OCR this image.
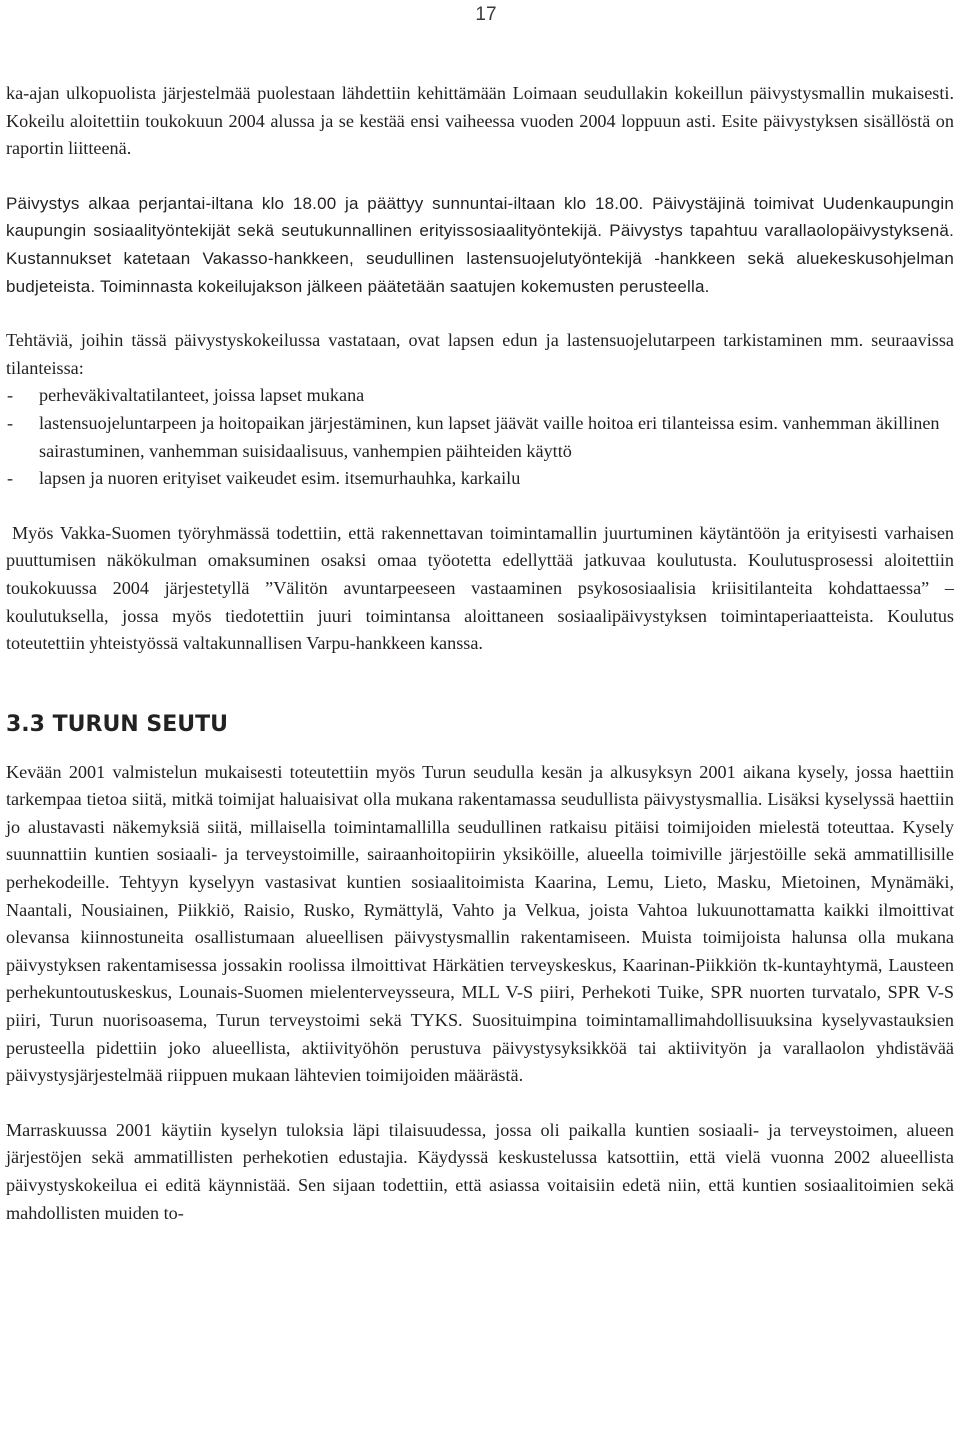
17

ka-ajan ulkopuolista järjestelmää puolestaan lähdettiin kehittämään Loimaan seudullakin kokeillun päivystysmallin mukaisesti. Kokeilu aloitettiin toukokuun 2004 alussa ja se kestää ensi vaiheessa vuoden 2004 loppuun asti. Esite päivystyksen sisällöstä on raportin liitteenä.

Päivystys alkaa perjantai-iltana klo 18.00 ja päättyy sunnuntai-iltaan klo 18.00. Päivystäjinä toimivat Uudenkaupungin kaupungin sosiaalityöntekijät sekä seutukunnallinen erityissosiaalityöntekijä. Päivystys tapahtuu varallaolopäivystyksenä. Kustannukset katetaan Vakasso-hankkeen, seudullinen lastensuojelutyöntekijä -hankkeen sekä aluekeskusohjelman budjeteista. Toiminnasta kokeilujakson jälkeen päätetään saatujen kokemusten perusteella.

Tehtäviä, joihin tässä päivystyskokeilussa vastataan, ovat lapsen edun ja lastensuojelutarpeen tarkistaminen mm. seuraavissa tilanteissa:

- perheväkivaltatilanteet, joissa lapset mukana
- lastensuojeluntarpeen ja hoitopaikan järjestäminen, kun lapset jäävät vaille hoitoa eri tilanteissa esim. vanhemman äkillinen sairastuminen, vanhemman suisidaalisuus, vanhempien päihteiden käyttö
- lapsen ja nuoren erityiset vaikeudet esim. itsemurhauhka, karkailu

Myös Vakka-Suomen työryhmässä todettiin, että rakennettavan toimintamallin juurtuminen käytäntöön ja erityisesti varhaisen puuttumisen näkökulman omaksuminen osaksi omaa työotetta edellyttää jatkuvaa koulutusta. Koulutusprosessi aloitettiin toukokuussa 2004 järjestetyllä ”Välitön avuntarpeeseen vastaaminen psykososiaalisia kriisitilanteita kohdattaessa” –koulutuksella, jossa myös tiedotettiin juuri toimintansa aloittaneen sosiaalipäivystyksen toimintaperiaatteista. Koulutus toteutettiin yhteistyössä valtakunnallisen Varpu-hankkeen kanssa.

3.3 TURUN SEUTU

Kevään 2001 valmistelun mukaisesti toteutettiin myös Turun seudulla kesän ja alkusyksyn 2001 aikana kysely, jossa haettiin tarkempaa tietoa siitä, mitkä toimijat haluaisivat olla mukana rakentamassa seudullista päivystysmallia. Lisäksi kyselyssä haettiin jo alustavasti näkemyksiä siitä, millaisella toimintamallilla seudullinen ratkaisu pitäisi toimijoiden mielestä toteuttaa. Kysely suunnattiin kuntien sosiaali- ja terveystoimille, sairaanhoitopiirin yksiköille, alueella toimiville järjestöille sekä ammatillisille perhekodeille. Tehtyyn kyselyyn vastasivat kuntien sosiaalitoimista Kaarina, Lemu, Lieto, Masku, Mietoinen, Mynämäki, Naantali, Nousiainen, Piikkiö, Raisio, Rusko, Rymättylä, Vahto ja Velkua, joista Vahtoa lukuunottamatta kaikki ilmoittivat olevansa kiinnostuneita osallistumaan alueellisen päivystysmallin rakentamiseen. Muista toimijoista halunsa olla mukana päivystyksen rakentamisessa jossakin roolissa ilmoittivat Härkätien terveyskeskus, Kaarinan-Piikkiön tk-kuntayhtymä, Lausteen perhekuntoutuskeskus, Lounais-Suomen mielenterveysseura, MLL V-S piiri, Perhekoti Tuike, SPR nuorten turvatalo, SPR V-S piiri, Turun nuorisoasema, Turun terveystoimi sekä TYKS. Suosituimpina toimintamallimahdollisuuksina kyselyvastauksien perusteella pidettiin joko alueellista, aktiivityöhön perustuva päivystysyksikköä tai aktiivityön ja varallaolon yhdistävää päivystysjärjestelmää riippuen mukaan lähtevien toimijoiden määrästä.

Marraskuussa 2001 käytiin kyselyn tuloksia läpi tilaisuudessa, jossa oli paikalla kuntien sosiaali- ja terveystoimen, alueen järjestöjen sekä ammatillisten perhekotien edustajia. Käydyssä keskustelussa katsottiin, että vielä vuonna 2002 alueellista päivystyskokeilua ei editä käynnistää. Sen sijaan todettiin, että asiassa voitaisiin edetä niin, että kuntien sosiaalitoimien sekä mahdollisten muiden to-
